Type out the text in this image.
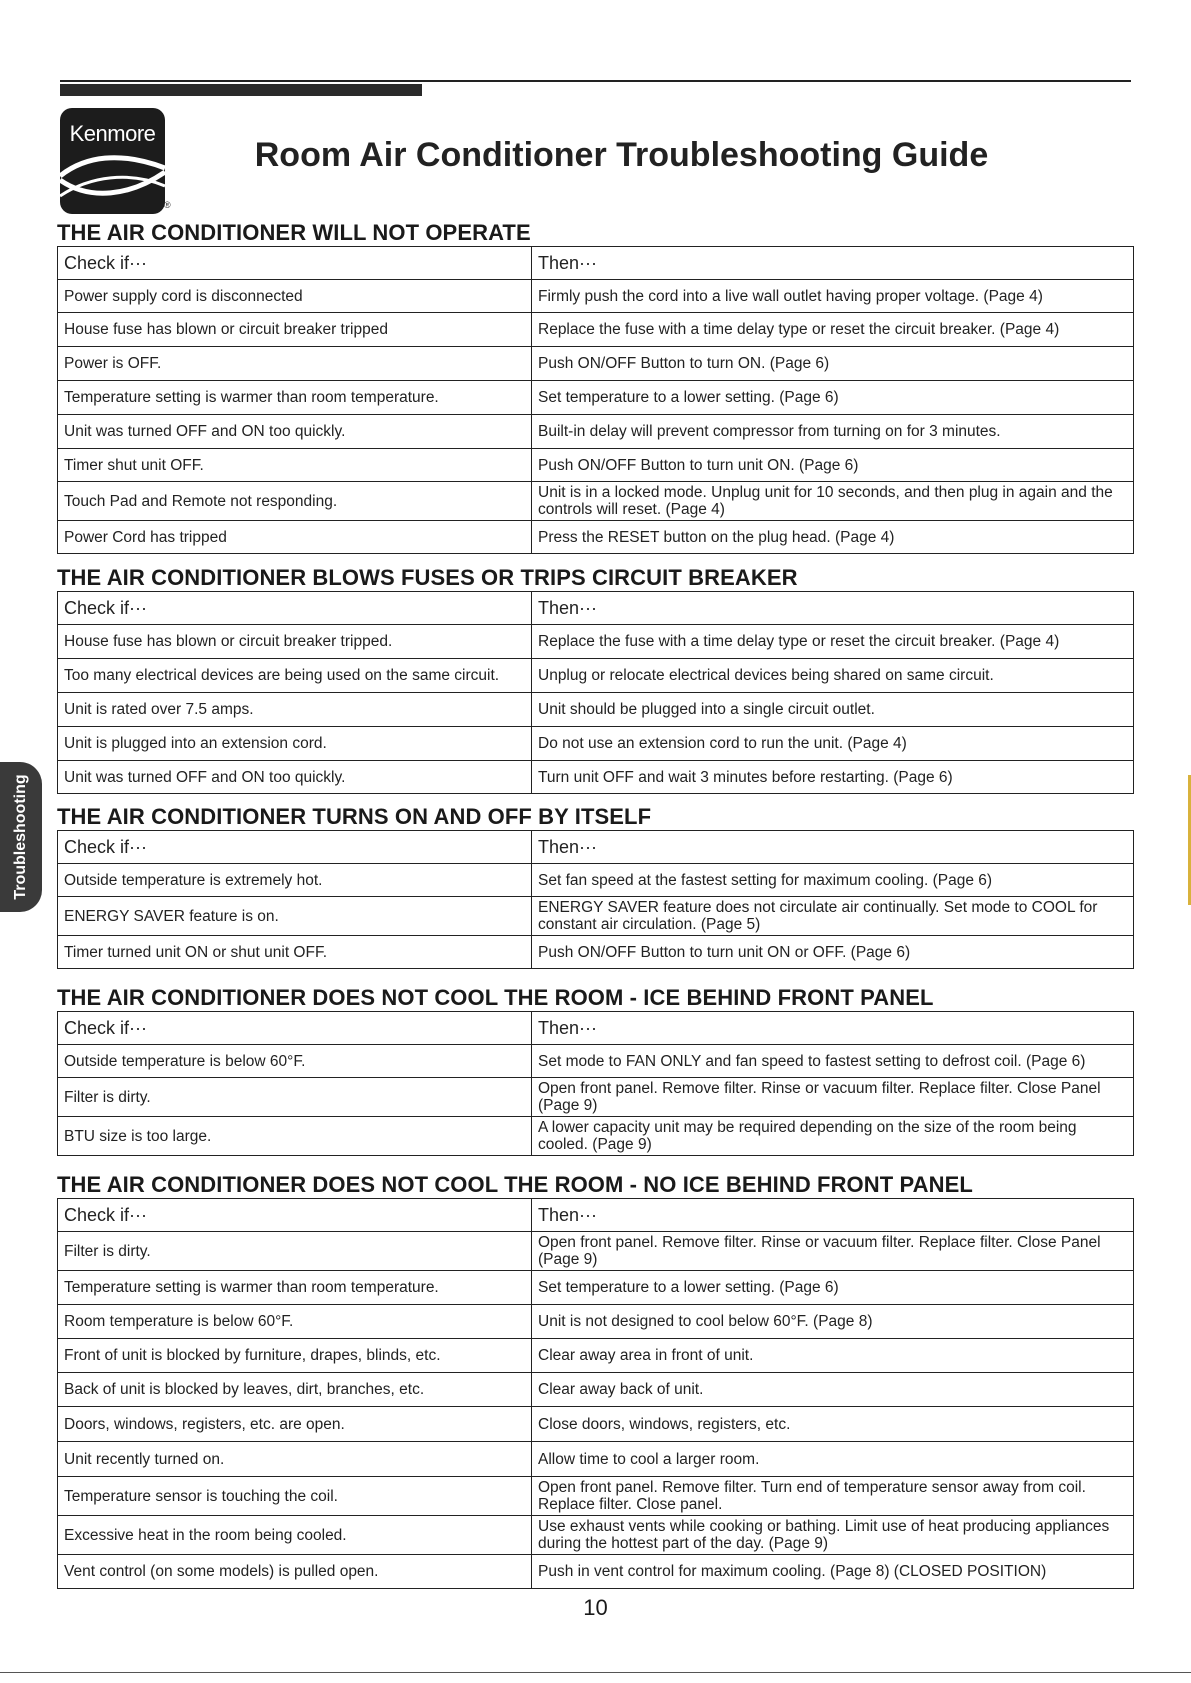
Kenmore
®
Room Air Conditioner Troubleshooting Guide
Troubleshooting
THE AIR CONDITIONER WILL NOT OPERATE
Check if···	Then···
Power supply cord is disconnected	Firmly push the cord into a live wall outlet having proper voltage. (Page 4)
House fuse has blown or circuit breaker tripped	Replace the fuse with a time delay type or reset the circuit breaker. (Page 4)
Power is OFF.	Push ON/OFF Button to turn ON. (Page 6)
Temperature setting is warmer than room temperature.	Set temperature to a lower setting. (Page 6)
Unit was turned OFF and ON too quickly.	Built-in delay will prevent compressor from turning on for 3 minutes.
Timer shut unit OFF.	Push ON/OFF Button to turn unit ON. (Page 6)
Touch Pad and Remote not responding.	Unit is in a locked mode. Unplug unit for 10 seconds, and then plug in again and the controls will reset. (Page 4)
Power Cord has tripped	Press the RESET button on the plug head. (Page 4)
THE AIR CONDITIONER BLOWS FUSES OR TRIPS CIRCUIT BREAKER
Check if···	Then···
House fuse has blown or circuit breaker tripped.	Replace the fuse with a time delay type or reset the circuit breaker. (Page 4)
Too many electrical devices are being used on the same circuit.	Unplug or relocate electrical devices being shared on same circuit.
Unit is rated over 7.5 amps.	Unit should be plugged into a single circuit outlet.
Unit is plugged into an extension cord.	Do not use an extension cord to run the unit. (Page 4)
Unit was turned OFF and ON too quickly.	Turn unit OFF and wait 3 minutes before restarting. (Page 6)
THE AIR CONDITIONER TURNS ON AND OFF BY ITSELF
Check if···	Then···
Outside temperature is extremely hot.	Set fan speed at the fastest setting for maximum cooling. (Page 6)
ENERGY SAVER feature is on.	ENERGY SAVER feature does not circulate air continually. Set mode to COOL for constant air circulation. (Page 5)
Timer turned unit ON or shut unit OFF.	Push ON/OFF Button to turn unit ON or OFF. (Page 6)
THE AIR CONDITIONER DOES NOT COOL THE ROOM - ICE BEHIND FRONT PANEL
Check if···	Then···
Outside temperature is below 60°F.	Set mode to FAN ONLY and fan speed to fastest setting to defrost coil. (Page 6)
Filter is dirty.	Open front panel. Remove filter. Rinse or vacuum filter. Replace filter. Close Panel (Page 9)
BTU size is too large.	A lower capacity unit may be required depending on the size of the room being cooled. (Page 9)
THE AIR CONDITIONER DOES NOT COOL THE ROOM - NO ICE BEHIND FRONT PANEL
Check if···	Then···
Filter is dirty.	Open front panel. Remove filter. Rinse or vacuum filter. Replace filter. Close Panel (Page 9)
Temperature setting is warmer than room temperature.	Set temperature to a lower setting. (Page 6)
Room temperature is below 60°F.	Unit is not designed to cool below 60°F. (Page 8)
Front of unit is blocked by furniture, drapes, blinds, etc.	Clear away area in front of unit.
Back of unit is blocked by leaves, dirt, branches, etc.	Clear away back of unit.
Doors, windows, registers, etc. are open.	Close doors, windows, registers, etc.
Unit recently turned on.	Allow time to cool a larger room.
Temperature sensor is touching the coil.	Open front panel. Remove filter. Turn end of temperature sensor away from coil. Replace filter. Close panel.
Excessive heat in the room being cooled.	Use exhaust vents while cooking or bathing. Limit use of heat producing appliances during the hottest part of the day. (Page 9)
Vent control (on some models) is pulled open.	Push in vent control for maximum cooling. (Page 8) (CLOSED POSITION)
10
